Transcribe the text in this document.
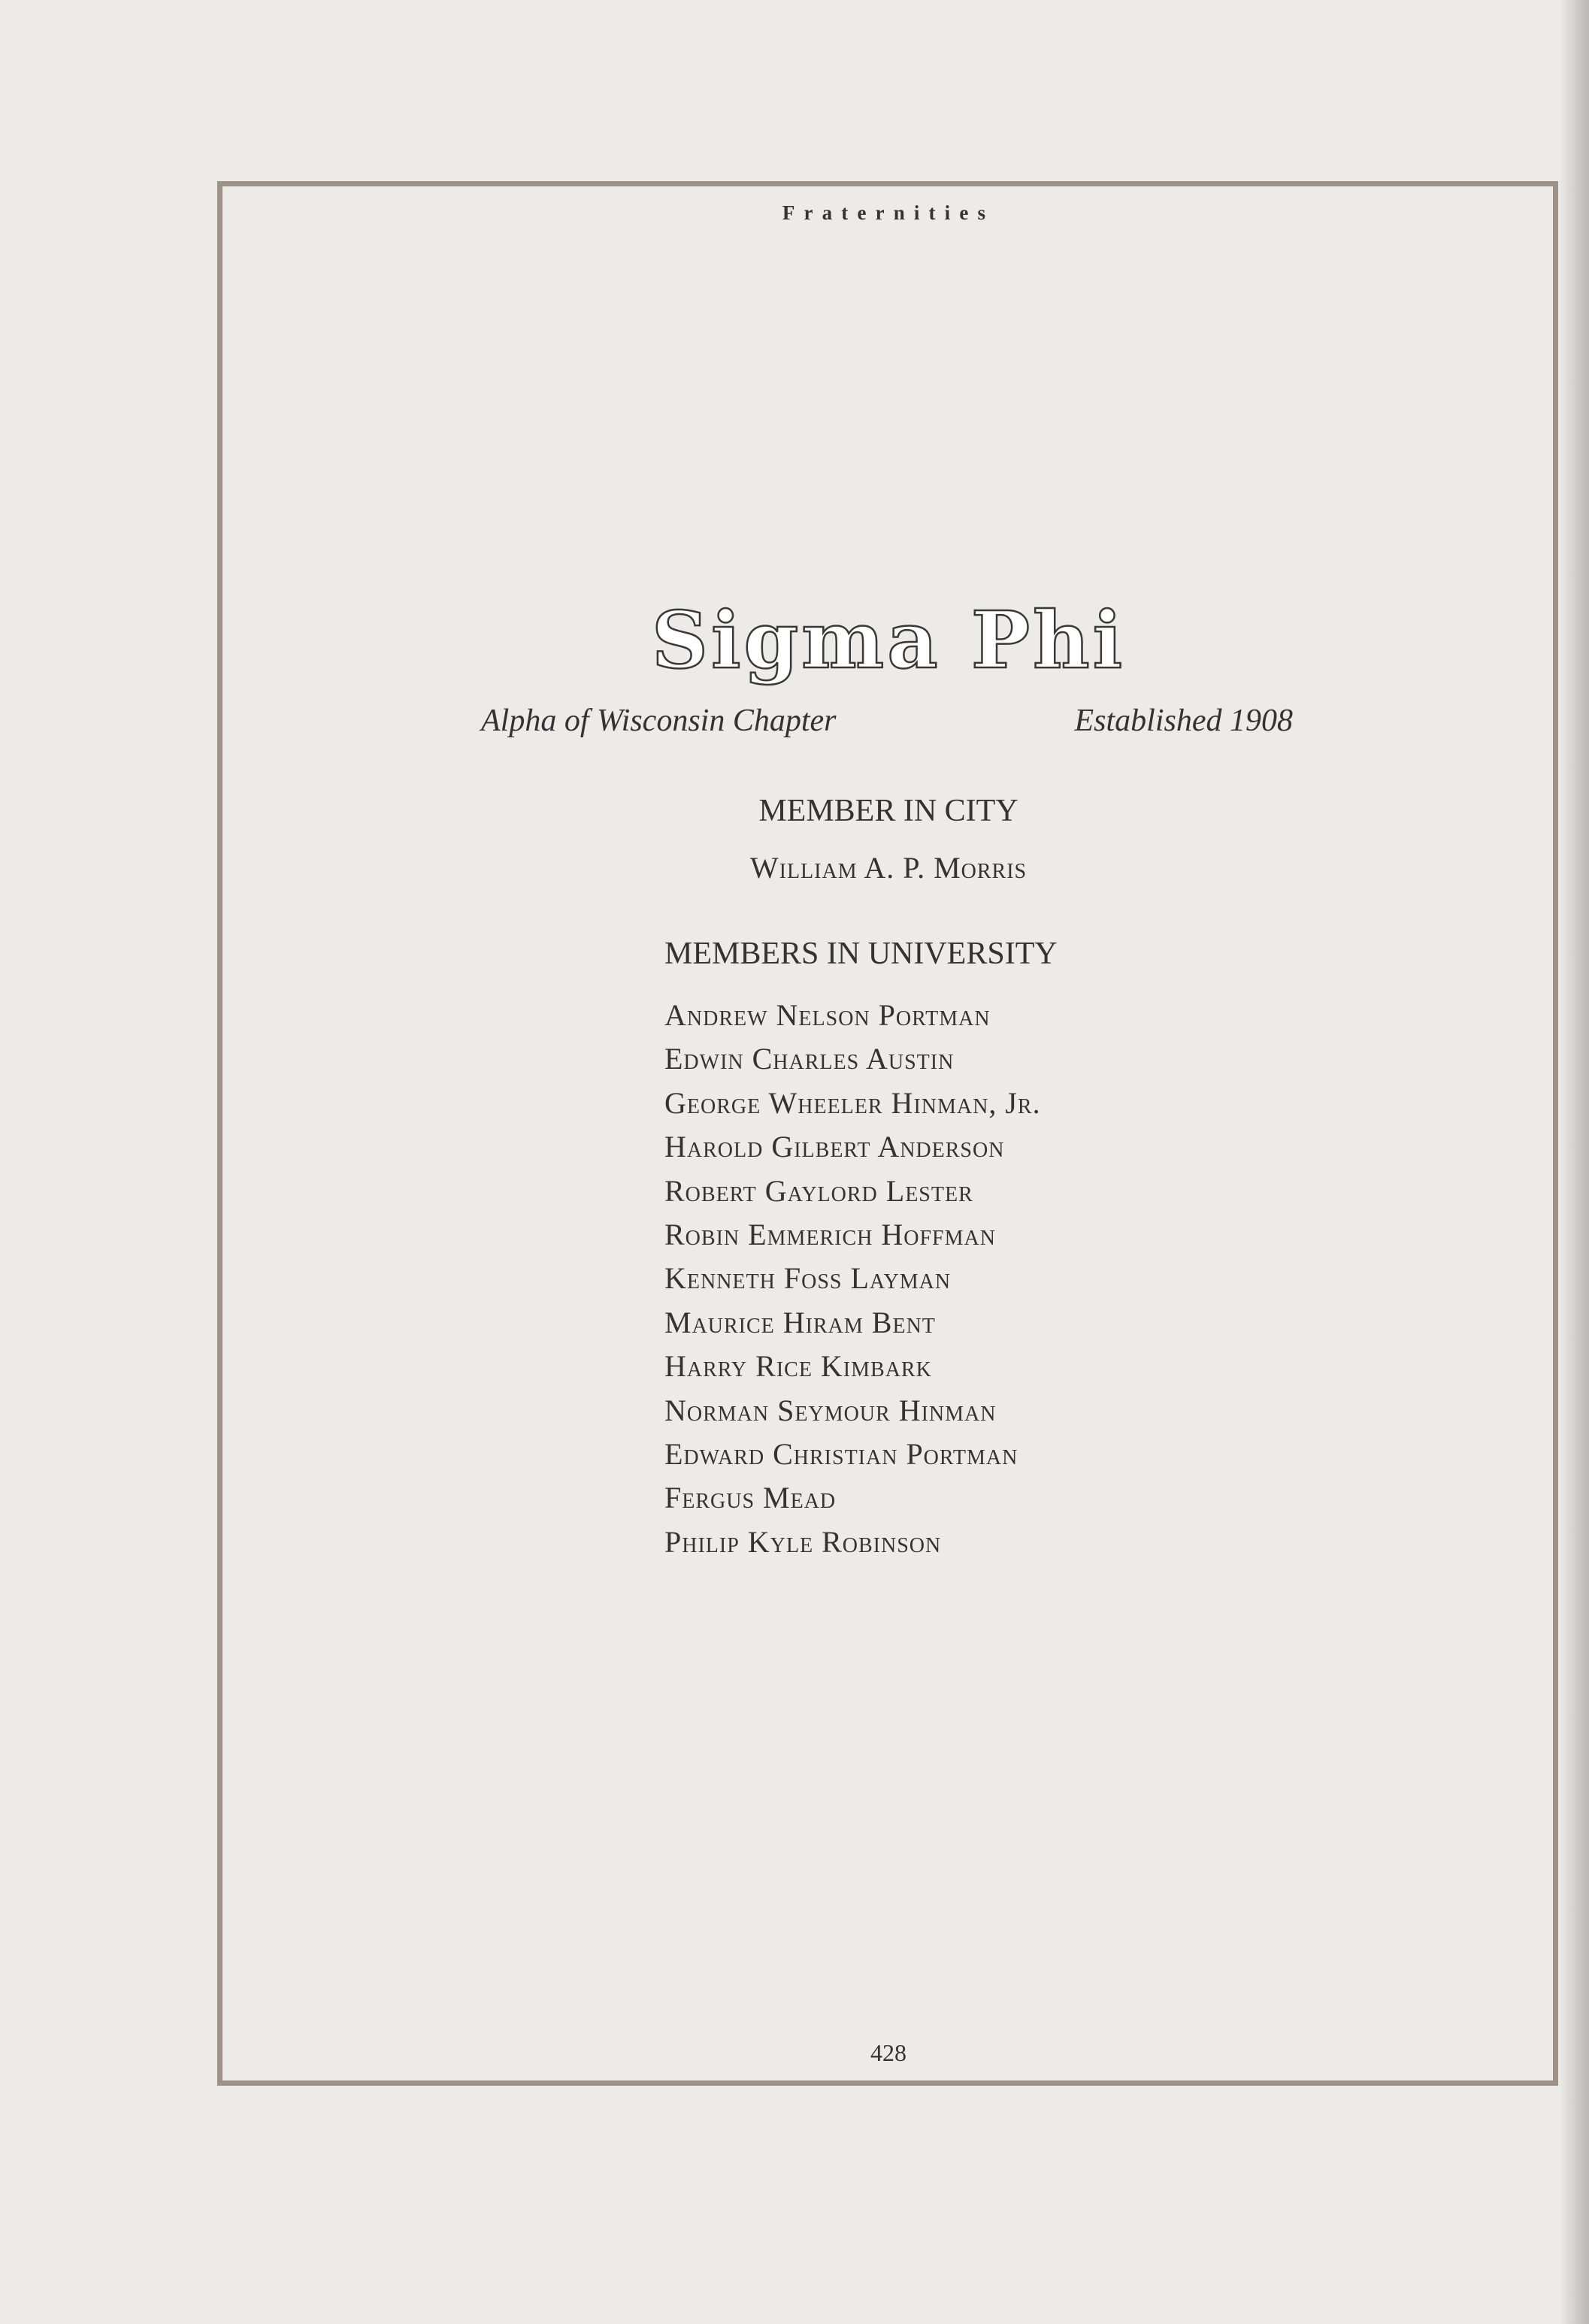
Fraternities
Sigma Phi
Alpha of Wisconsin Chapter	Established 1908
MEMBER IN CITY
William A. P. Morris
MEMBERS IN UNIVERSITY
Andrew Nelson Portman
Edwin Charles Austin
George Wheeler Hinman, Jr.
Harold Gilbert Anderson
Robert Gaylord Lester
Robin Emmerich Hoffman
Kenneth Foss Layman
Maurice Hiram Bent
Harry Rice Kimbark
Norman Seymour Hinman
Edward Christian Portman
Fergus Mead
Philip Kyle Robinson
428
